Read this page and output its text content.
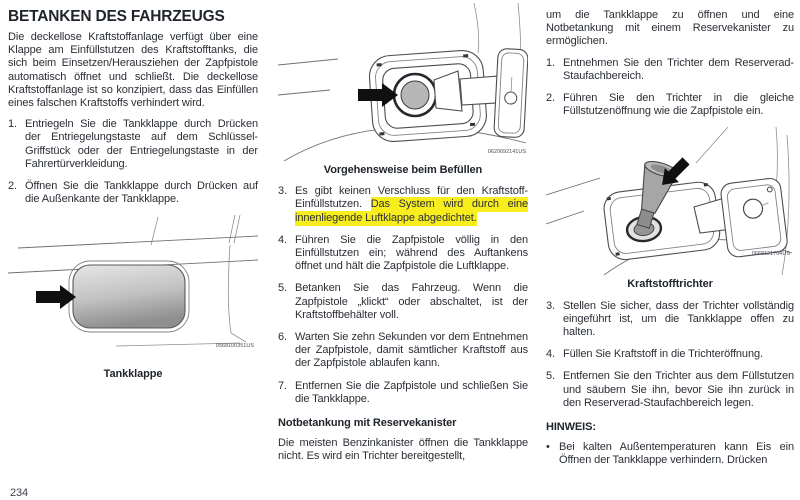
BETANKEN DES FAHRZEUGS

Die deckellose Kraftstoffanlage verfügt über eine Klappe am Einfüllstutzen des Kraftstofftanks, die sich beim Einsetzen/Herausziehen der Zapfpistole automatisch öffnet und schließt. Die deckellose Kraftstoffanlage ist so konzipiert, dass das Einfüllen eines falschen Kraftstoffs verhindert wird.

1. Entriegeln Sie die Tankklappe durch Drücken der Entriegelungstaste auf dem Schlüssel-Griffstück oder der Entriegelungstaste in der Fahrertürverkleidung.
2. Öffnen Sie die Tankklappe durch Drücken auf die Außenkante der Tankklappe.
0568100351US
Tankklappe
0620692141US
Vorgehensweise beim Befüllen
3. Es gibt keinen Verschluss für den Kraftstoff-Einfüllstutzen. Das System wird durch eine innenliegende Luftklappe abgedichtet.
4. Führen Sie die Zapfpistole völlig in den Einfüllstutzen ein; während des Auftankens öffnet und hält die Zapfpistole die Luftklappe.
5. Betanken Sie das Fahrzeug. Wenn die Zapfpistole „klickt“ oder abschaltet, ist der Kraftstoffbehälter voll.
6. Warten Sie zehn Sekunden vor dem Entnehmen der Zapfpistole, damit sämtlicher Kraftstoff aus der Zapfpistole ablaufen kann.
7. Entfernen Sie die Zapfpistole und schließen Sie die Tankklappe.
Notbetankung mit Reservekanister

Die meisten Benzinkanister öffnen die Tankklappe nicht. Es wird ein Trichter bereitgestellt,

um die Tankklappe zu öffnen und eine Notbetankung mit einem Reservekanister zu ermöglichen.

1. Entnehmen Sie den Trichter dem Reserverad-Staufachbereich.
2. Führen Sie den Trichter in die gleiche Füllstutzenöffnung wie die Zapfpistole ein.
0668121704US
Kraftstofftrichter
3. Stellen Sie sicher, dass der Trichter vollständig eingeführt ist, um die Tankklappe offen zu halten.
4. Füllen Sie Kraftstoff in die Trichteröffnung.
5. Entfernen Sie den Trichter aus dem Füllstutzen und säubern Sie ihn, bevor Sie ihn zurück in den Reserverad-Staufachbereich legen.
HINWEIS:
• Bei kalten Außentemperaturen kann Eis ein Öffnen der Tankklappe verhindern. Drücken
234
